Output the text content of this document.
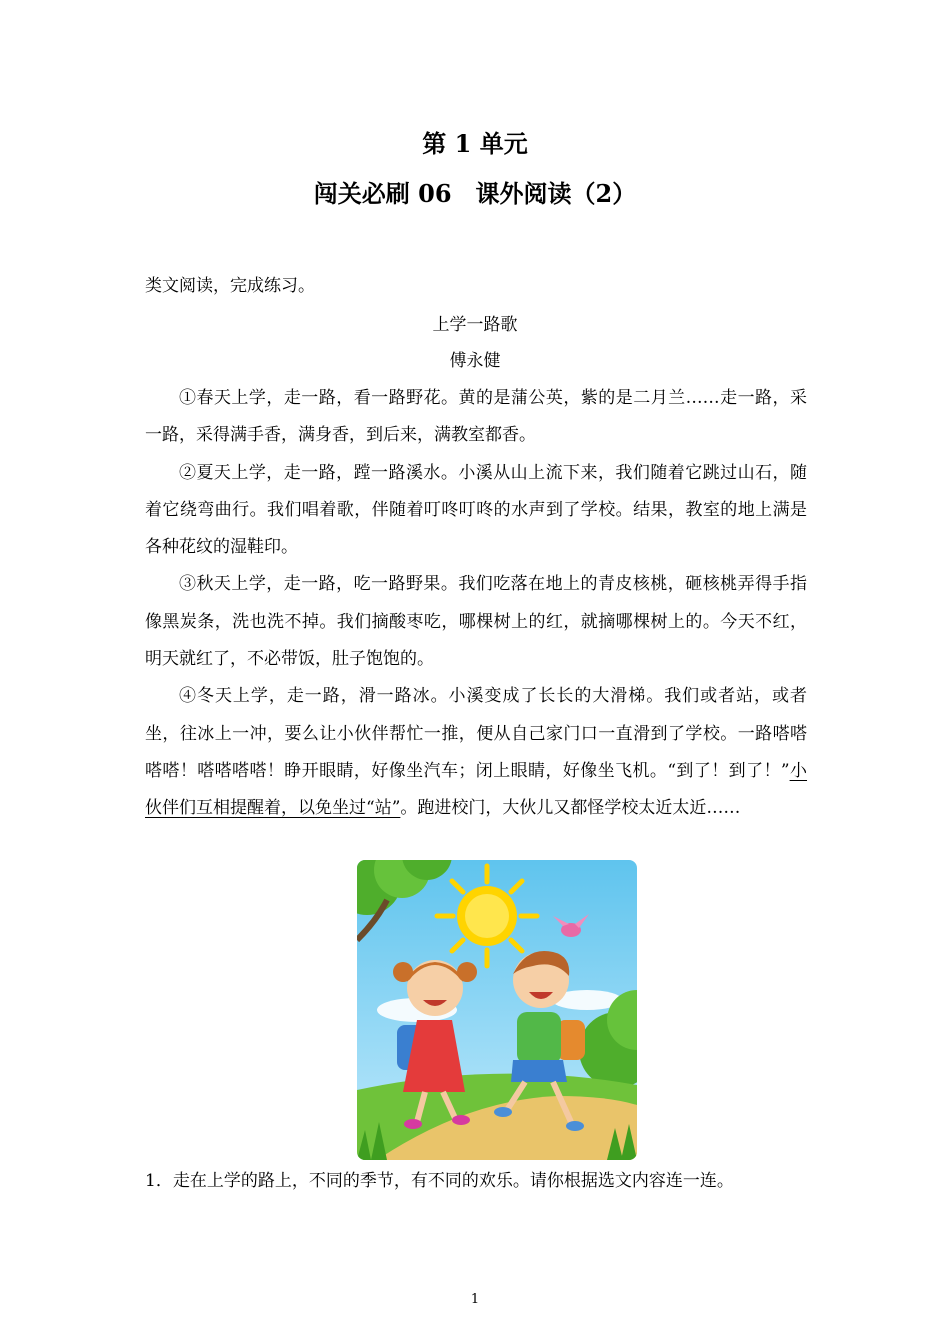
第 1 单元
闯关必刷 06　课外阅读（2）
类文阅读，完成练习。
上学一路歌
傅永健

①春天上学，走一路，看一路野花。黄的是蒲公英，紫的是二月兰……走一路，采一路，采得满手香，满身香，到后来，满教室都香。

②夏天上学，走一路，蹚一路溪水。小溪从山上流下来，我们随着它跳过山石，随着它绕弯曲行。我们唱着歌，伴随着叮咚叮咚的水声到了学校。结果，教室的地上满是各种花纹的湿鞋印。

③秋天上学，走一路，吃一路野果。我们吃落在地上的青皮核桃，砸核桃弄得手指像黑炭条，洗也洗不掉。我们摘酸枣吃，哪棵树上的红，就摘哪棵树上的。今天不红，明天就红了，不必带饭，肚子饱饱的。

④冬天上学，走一路，滑一路冰。小溪变成了长长的大滑梯。我们或者站，或者坐，往冰上一冲，要么让小伙伴帮忙一推，便从自己家门口一直滑到了学校。一路嗒嗒嗒嗒！嗒嗒嗒嗒！睁开眼睛，好像坐汽车；闭上眼睛，好像坐飞机。“到了！到了！”小伙伴们互相提醒着，以免坐过“站”。跑进校门，大伙儿又都怪学校太近太近……

1．走在上学的路上，不同的季节，有不同的欢乐。请你根据选文内容连一连。
1
